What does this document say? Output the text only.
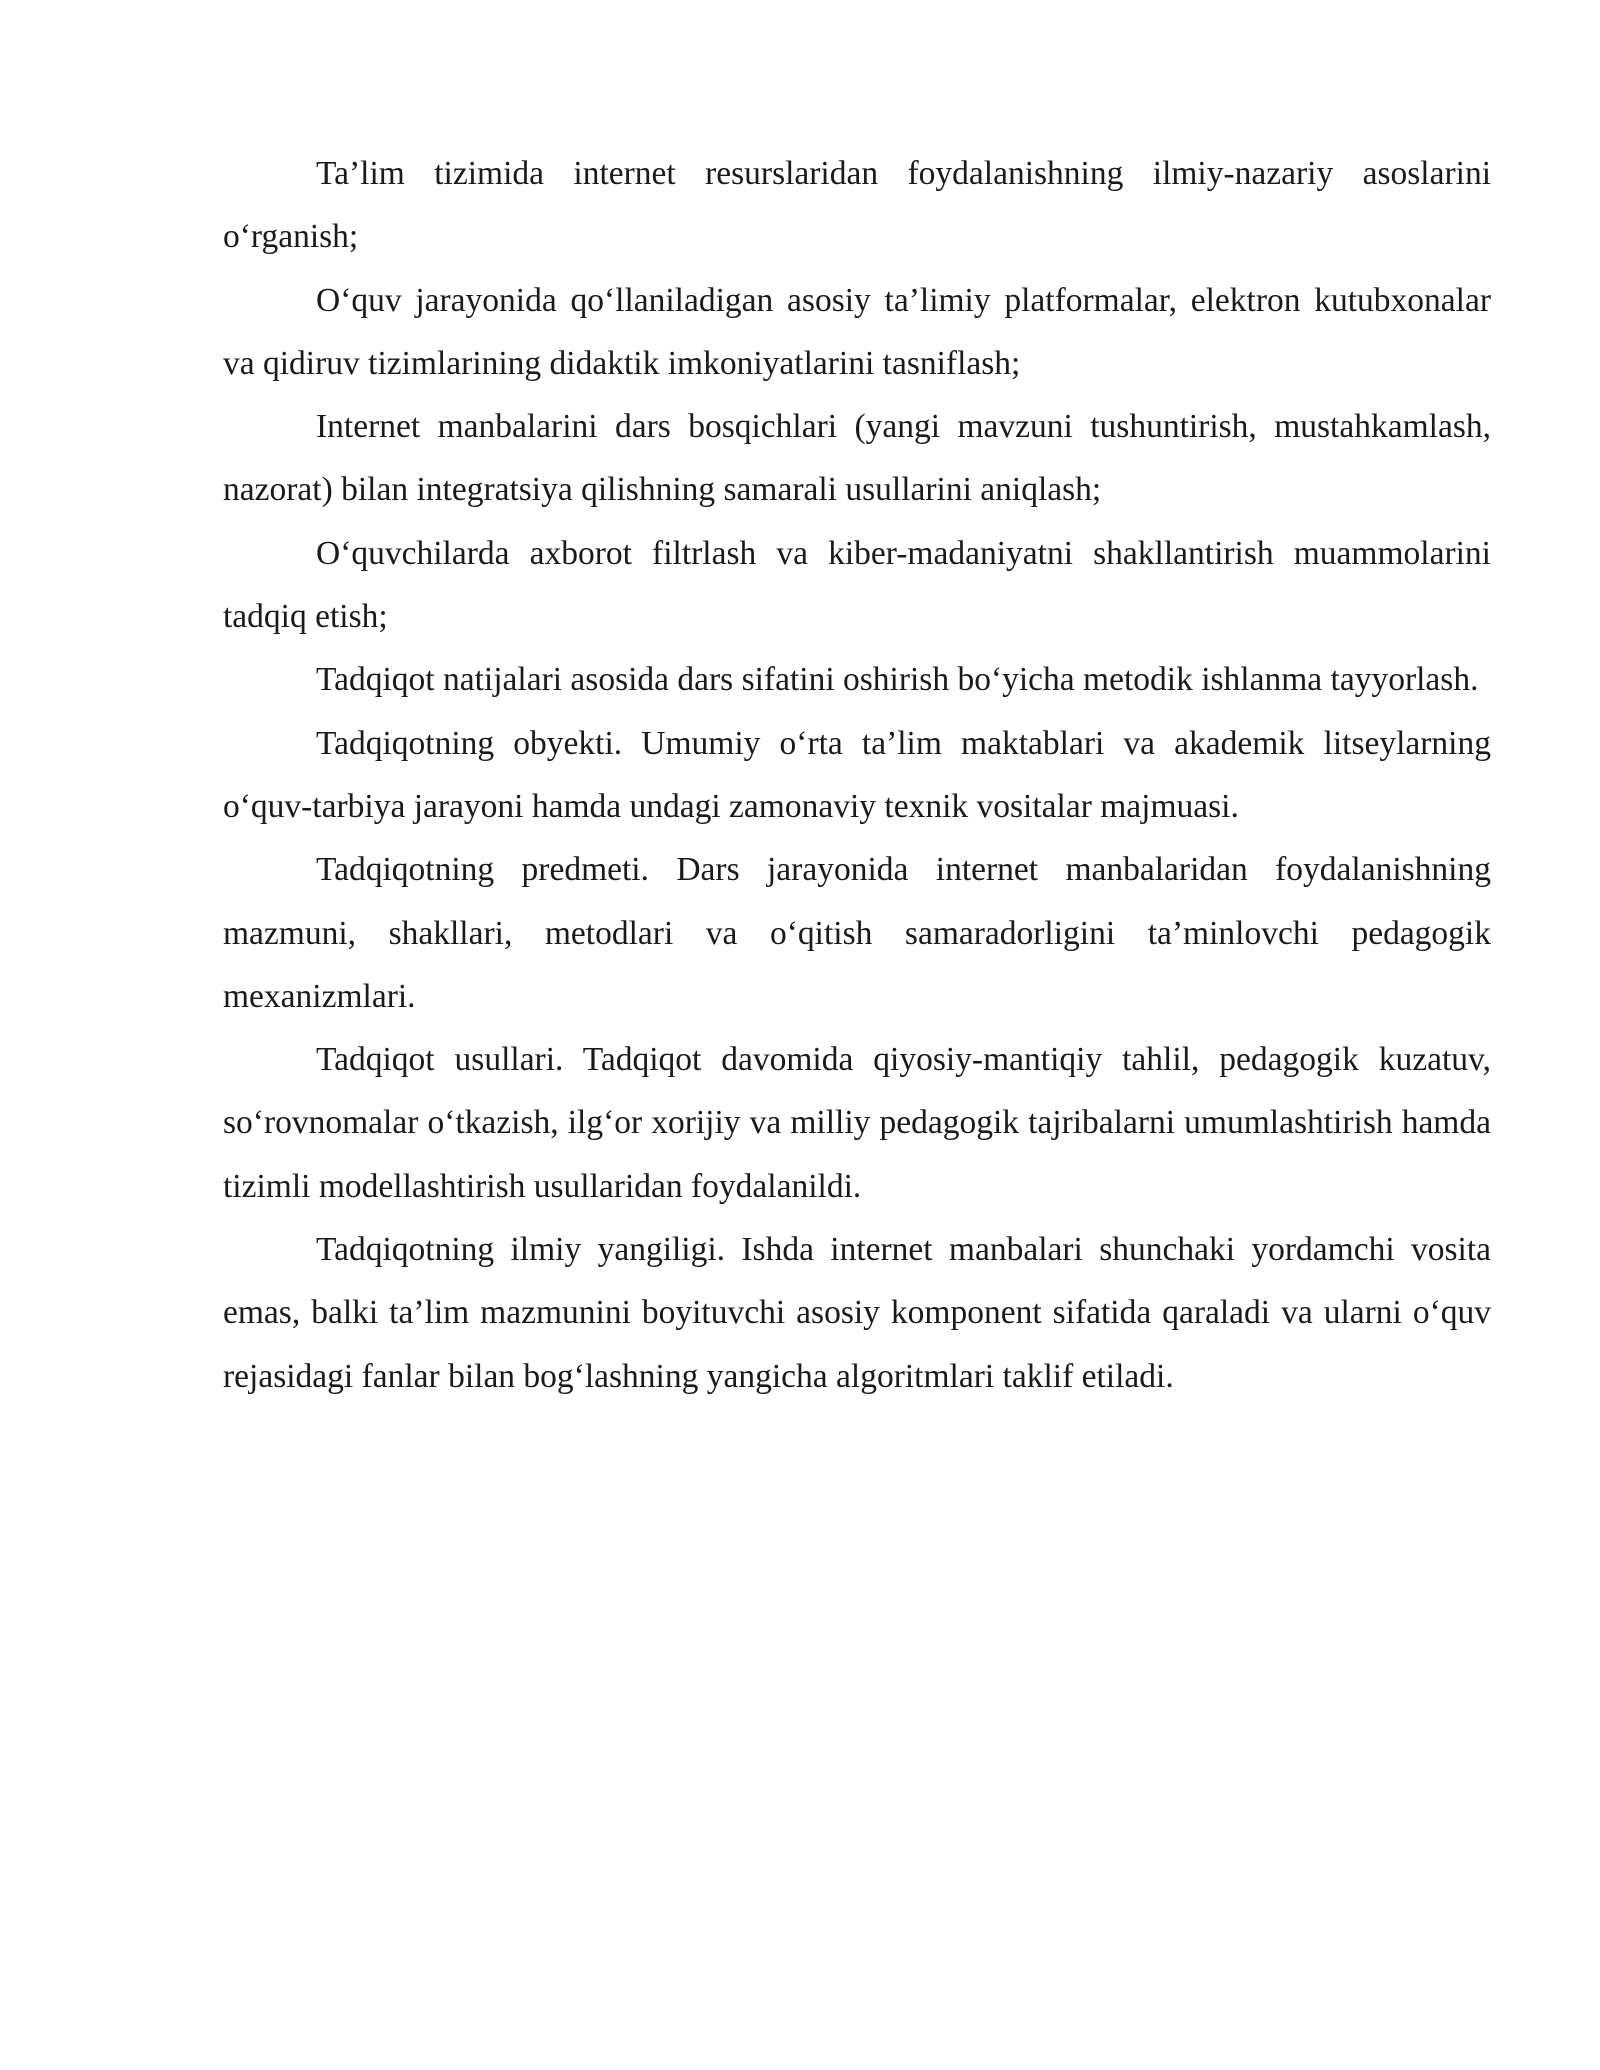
Ta’lim tizimida internet resurslaridan foydalanishning ilmiy-nazariy asoslarini o‘rganish;

O‘quv jarayonida qo‘llaniladigan asosiy ta’limiy platformalar, elektron kutubxonalar va qidiruv tizimlarining didaktik imkoniyatlarini tasniflash;

Internet manbalarini dars bosqichlari (yangi mavzuni tushuntirish, mustahkamlash, nazorat) bilan integratsiya qilishning samarali usullarini aniqlash;

O‘quvchilarda axborot filtrlash va kiber-madaniyatni shakllantirish muammolarini tadqiq etish;

Tadqiqot natijalari asosida dars sifatini oshirish bo‘yicha metodik ishlanma tayyorlash.

Tadqiqotning obyekti. Umumiy o‘rta ta’lim maktablari va akademik litseylarning o‘quv-tarbiya jarayoni hamda undagi zamonaviy texnik vositalar majmuasi.

Tadqiqotning predmeti. Dars jarayonida internet manbalaridan foydalanishning mazmuni, shakllari, metodlari va o‘qitish samaradorligini ta’minlovchi pedagogik mexanizmlari.

Tadqiqot usullari. Tadqiqot davomida qiyosiy-mantiqiy tahlil, pedagogik kuzatuv, so‘rovnomalar o‘tkazish, ilg‘or xorijiy va milliy pedagogik tajribalarni umumlashtirish hamda tizimli modellashtirish usullaridan foydalanildi.

Tadqiqotning ilmiy yangiligi. Ishda internet manbalari shunchaki yordamchi vosita emas, balki ta’lim mazmunini boyituvchi asosiy komponent sifatida qaraladi va ularni o‘quv rejasidagi fanlar bilan bog‘lashning yangicha algoritmlari taklif etiladi.
